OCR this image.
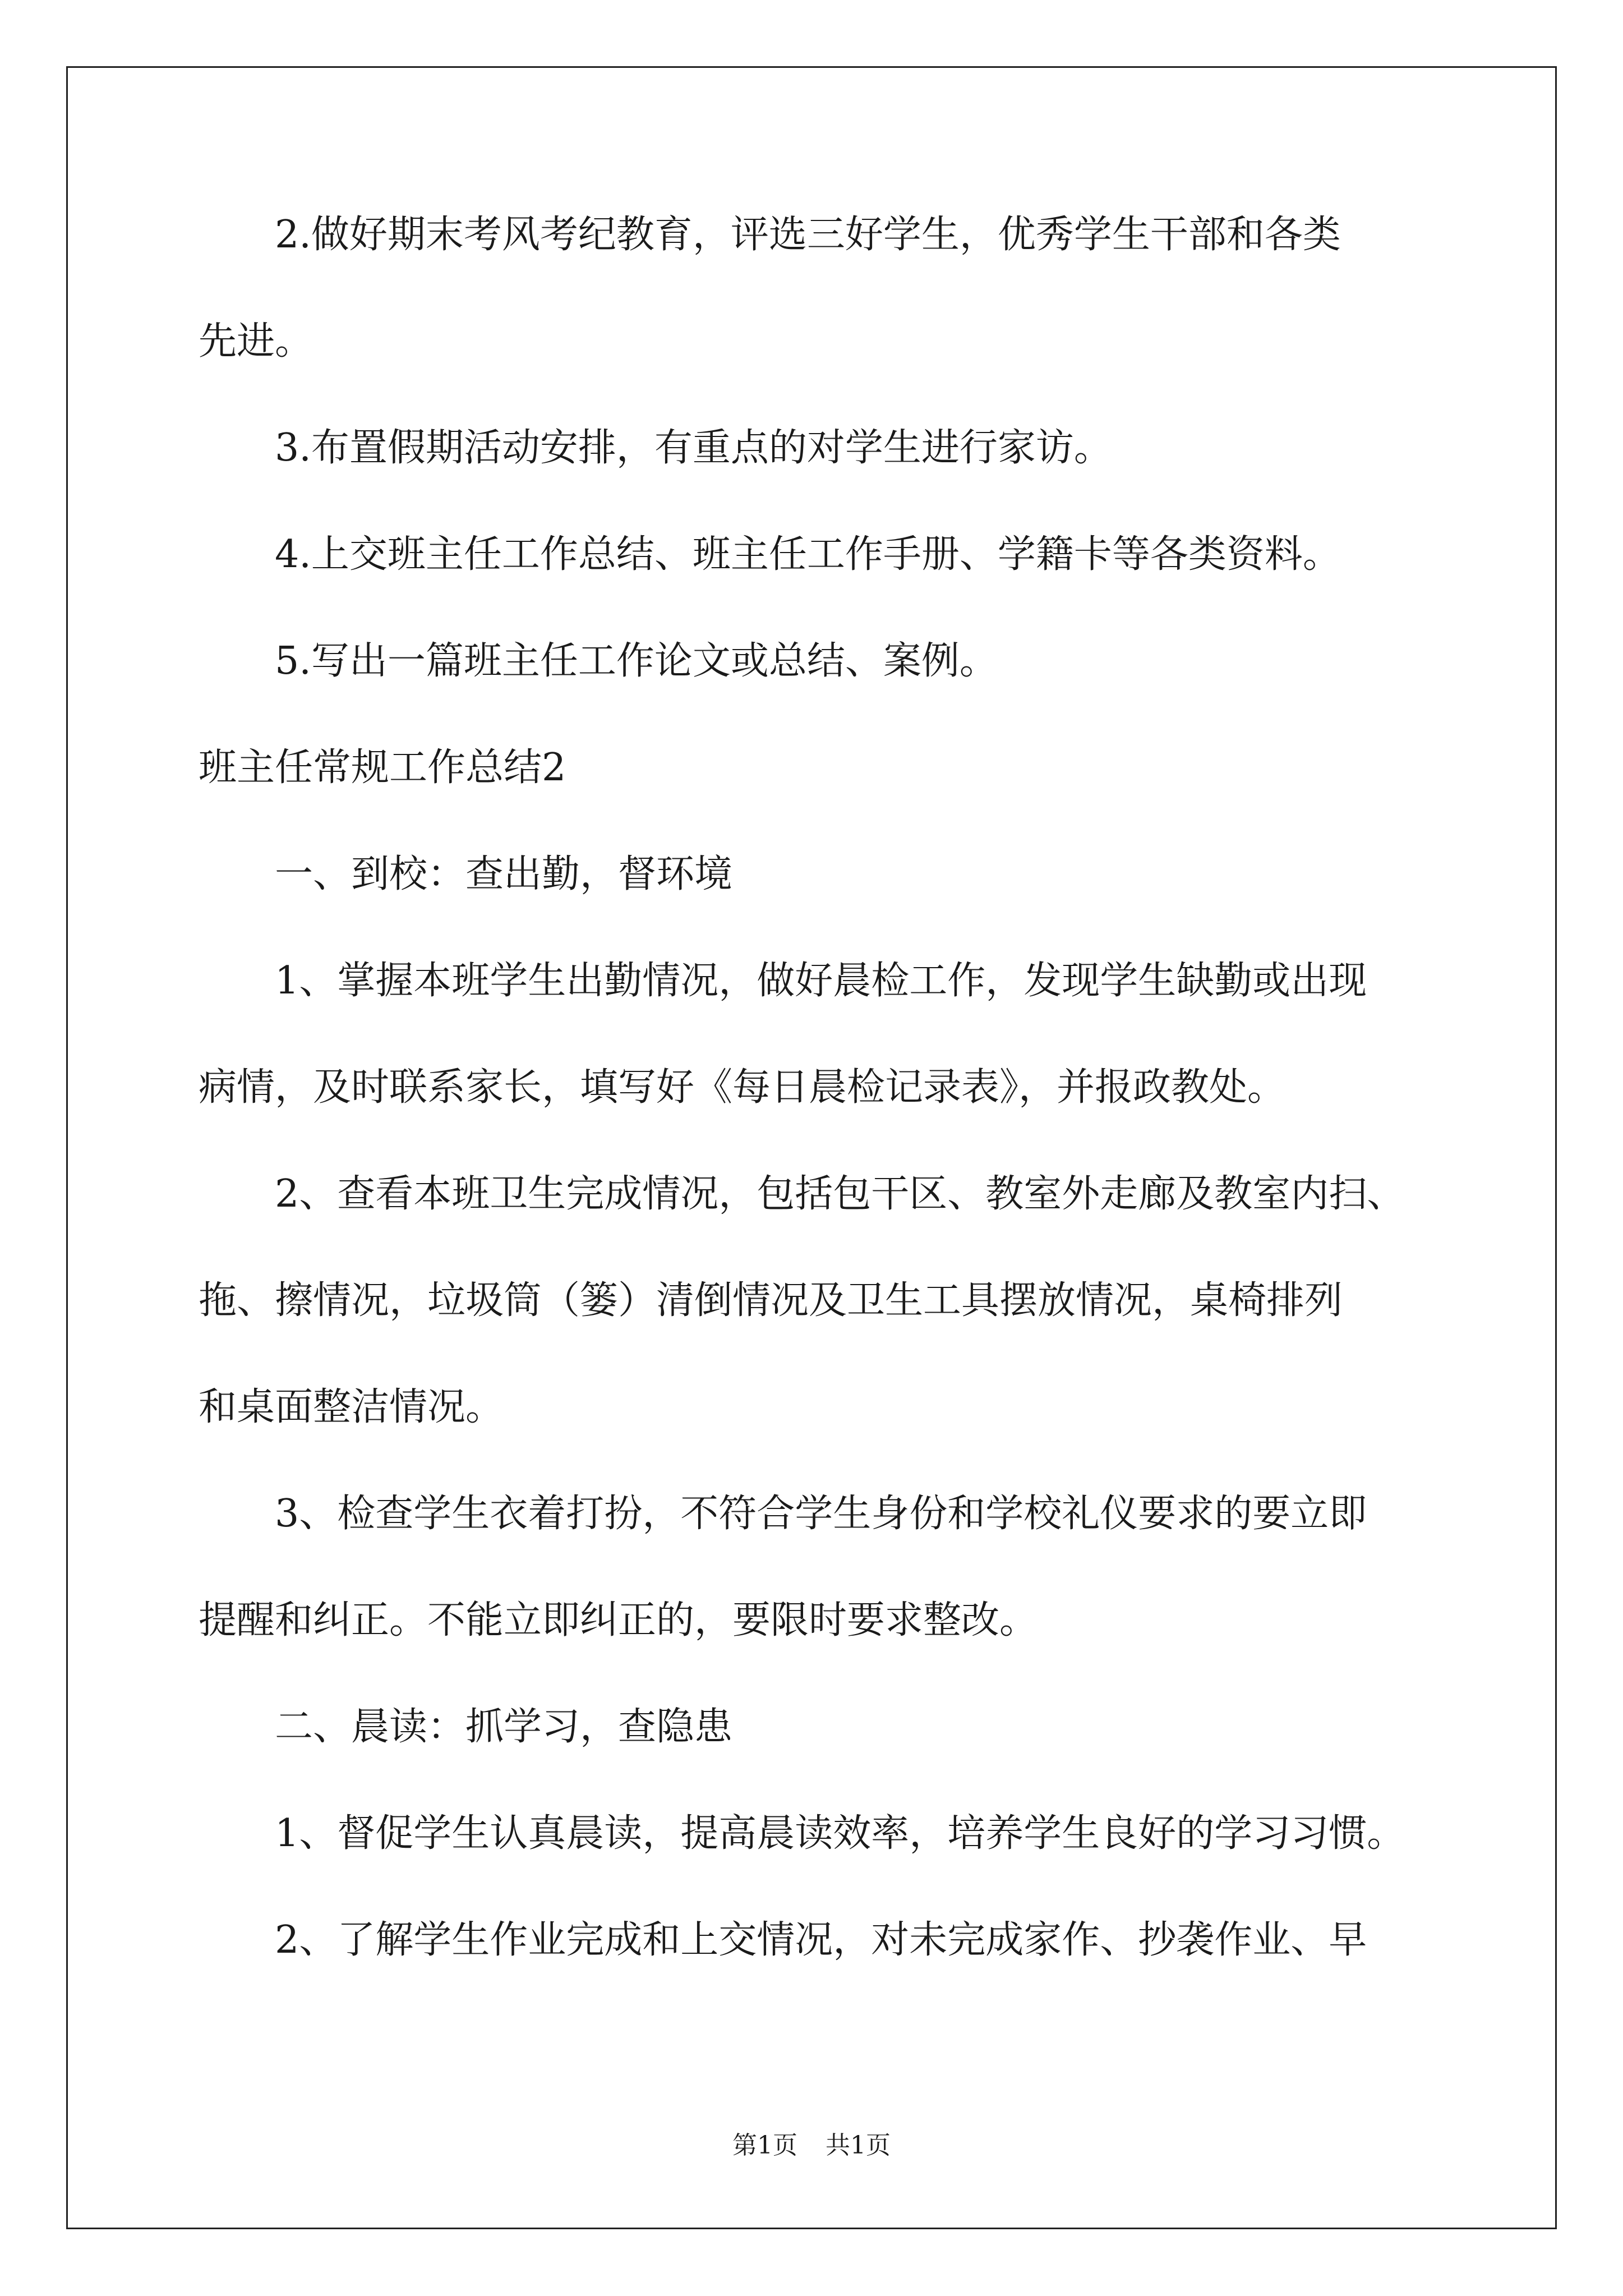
2.做好期末考风考纪教育，评选三好学生，优秀学生干部和各类

先进。

3.布置假期活动安排，有重点的对学生进行家访。

4.上交班主任工作总结、班主任工作手册、学籍卡等各类资料。

5.写出一篇班主任工作论文或总结、案例。

班主任常规工作总结2

一、到校：查出勤，督环境

1、掌握本班学生出勤情况，做好晨检工作，发现学生缺勤或出现

病情，及时联系家长，填写好《每日晨检记录表》，并报政教处。

2、查看本班卫生完成情况，包括包干区、教室外走廊及教室内扫、

拖、擦情况，垃圾筒（篓）清倒情况及卫生工具摆放情况，桌椅排列

和桌面整洁情况。

3、检查学生衣着打扮，不符合学生身份和学校礼仪要求的要立即

提醒和纠正。不能立即纠正的，要限时要求整改。

二、晨读：抓学习，查隐患

1、督促学生认真晨读，提高晨读效率，培养学生良好的学习习惯。

2、了解学生作业完成和上交情况，对未完成家作、抄袭作业、早

第1页 共1页
